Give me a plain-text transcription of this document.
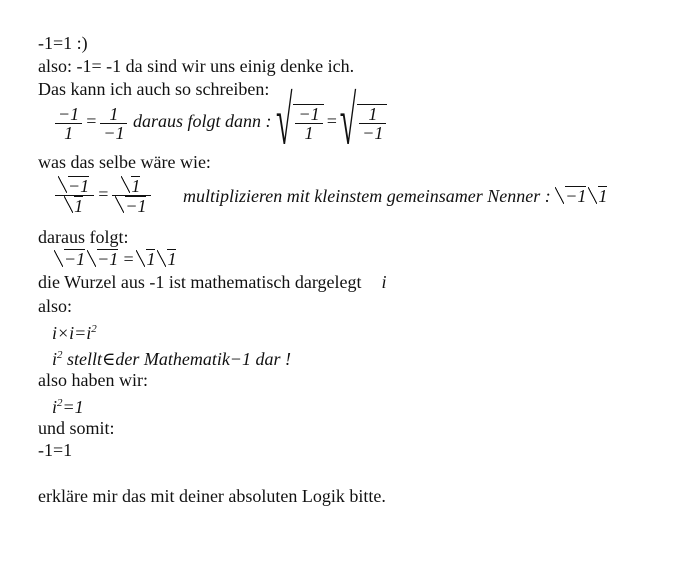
-1=1 :)
also: -1= -1 da sind wir uns einig denke ich.
Das kann ich auch so schreiben:
$\frac{-1}{1} = \frac{1}{-1}$ daraus folgt dann : √ $\frac{-1}{1}$ =√ $\frac{1}{-1}$
was das selbe wäre wie:
$\frac{-1}{1} = \frac{1}{-1}$ multiplizieren mit kleinstem gemeinsamer Nenner : −1 1
daraus folgt:
−1 −1 = 1 1
die Wurzel aus -1 ist mathematisch dargelegt i
also:
$i\times i=i^2$
$i^2$ stellt∈der Mathematik−1 dar !
also haben wir:
$i^2=1$
und somit:
-1=1
erkläre mir das mit deiner absoluten Logik bitte.
